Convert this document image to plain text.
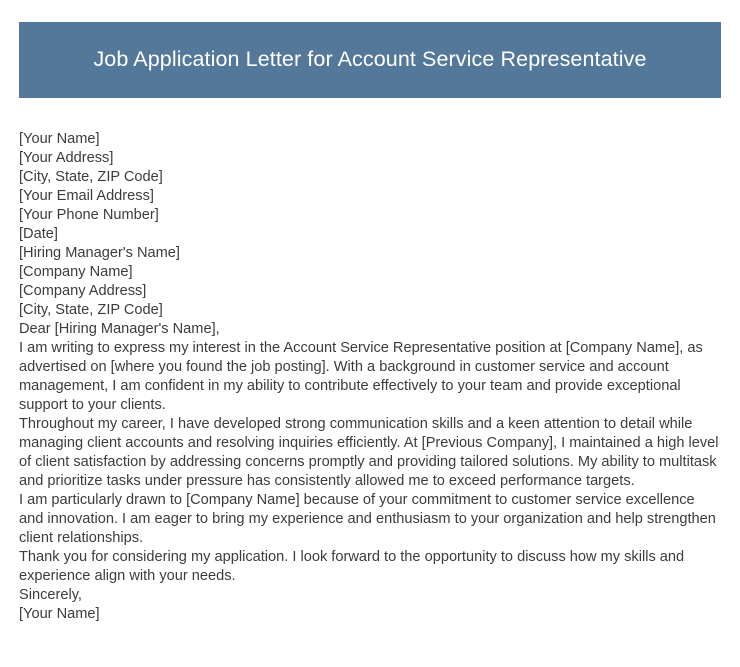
Job Application Letter for Account Service Representative

[Your Name]

[Your Address]

[City, State, ZIP Code]

[Your Email Address]

[Your Phone Number]

[Date]

[Hiring Manager's Name]

[Company Name]

[Company Address]

[City, State, ZIP Code]

Dear [Hiring Manager's Name],

I am writing to express my interest in the Account Service Representative position at [Company Name], as advertised on [where you found the job posting]. With a background in customer service and account management, I am confident in my ability to contribute effectively to your team and provide exceptional support to your clients.

Throughout my career, I have developed strong communication skills and a keen attention to detail while managing client accounts and resolving inquiries efficiently. At [Previous Company], I maintained a high level of client satisfaction by addressing concerns promptly and providing tailored solutions. My ability to multitask and prioritize tasks under pressure has consistently allowed me to exceed performance targets.

I am particularly drawn to [Company Name] because of your commitment to customer service excellence and innovation. I am eager to bring my experience and enthusiasm to your organization and help strengthen client relationships.

Thank you for considering my application. I look forward to the opportunity to discuss how my skills and experience align with your needs.

Sincerely,

[Your Name]
